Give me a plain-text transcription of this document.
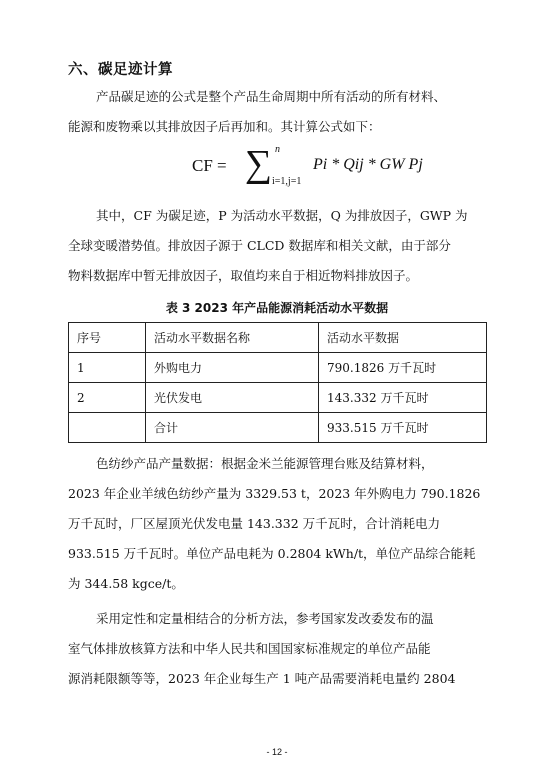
六、碳足迹计算
产品碳足迹的公式是整个产品生命周期中所有活动的所有材料、
能源和废物乘以其排放因子后再加和。其计算公式如下：
CF = ∑ n
i=1,j=1
Pi * Qij * GW Pj
其中，CF 为碳足迹，P 为活动水平数据，Q 为排放因子，GWP 为
全球变暖潜势值。排放因子源于 CLCD 数据库和相关文献，由于部分
物料数据库中暂无排放因子，取值均来自于相近物料排放因子。
表 3 2023 年产品能源消耗活动水平数据
序号	活动水平数据名称	活动水平数据
1	外购电力	790.1826 万千瓦时
2	光伏发电	143.332 万千瓦时
	合计	933.515 万千瓦时
色纺纱产品产量数据：根据金米兰能源管理台账及结算材料，
2023 年企业羊绒色纺纱产量为 3329.53 t，2023 年外购电力 790.1826
万千瓦时，厂区屋顶光伏发电量 143.332 万千瓦时，合计消耗电力
933.515 万千瓦时。单位产品电耗为 0.2804 kWh/t，单位产品综合能耗
为 344.58 kgce/t。
采用定性和定量相结合的分析方法，参考国家发改委发布的温
室气体排放核算方法和中华人民共和国国家标准规定的单位产品能
源消耗限额等等，2023 年企业每生产 1 吨产品需要消耗电量约 2804
- 12 -
